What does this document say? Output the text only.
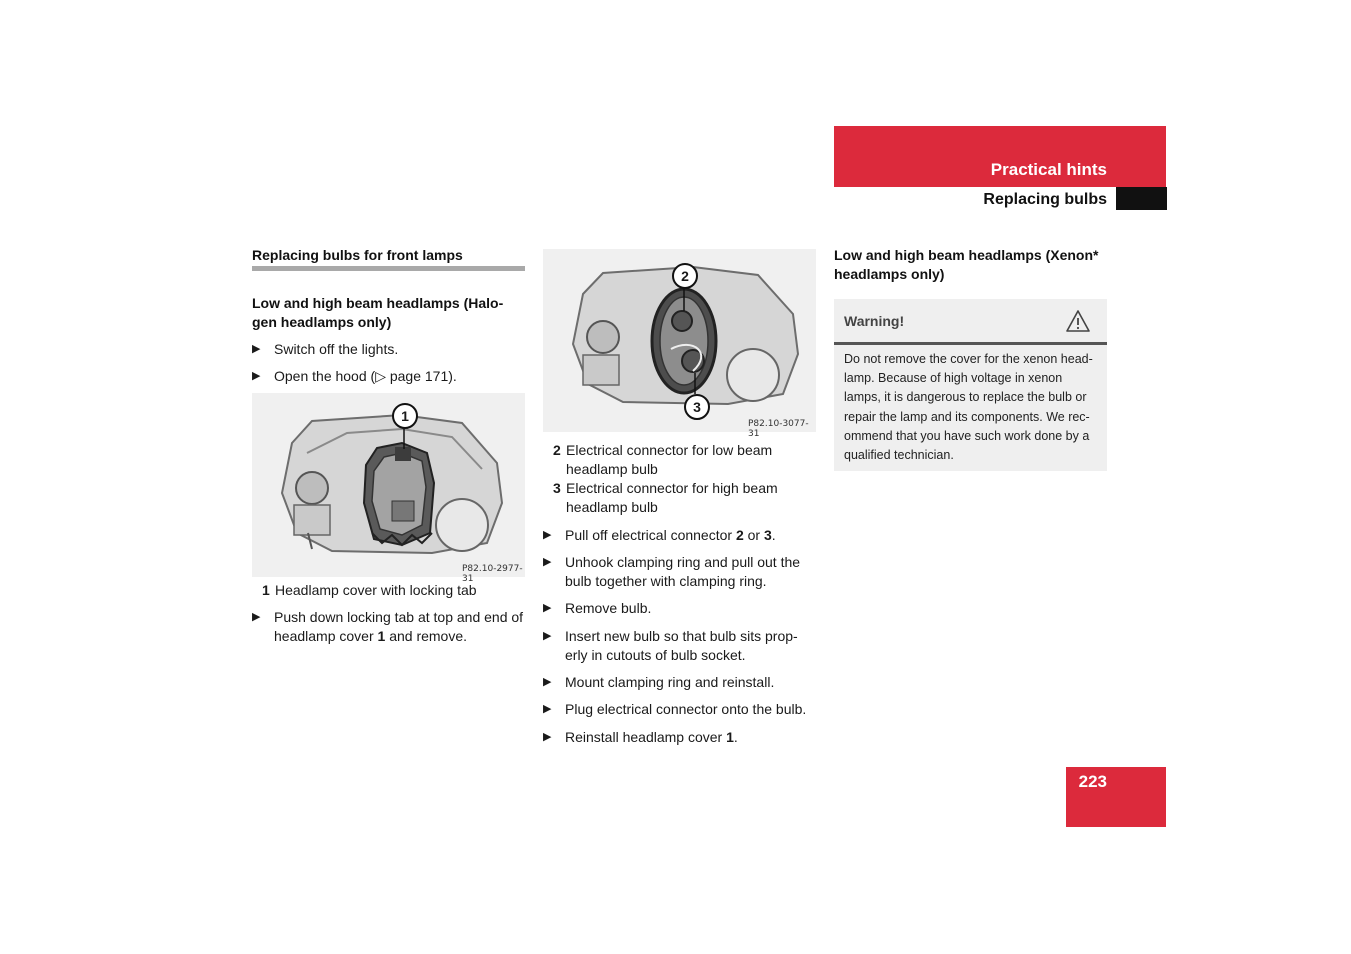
Practical hints
Replacing bulbs
Replacing bulbs for front lamps
Low and high beam headlamps (Halo-
gen headlamps only)
▶ Switch off the lights.
▶ Open the hood (▷ page 171).
1
P82.10-2977-31
1 Headlamp cover with locking tab
▶ Push down locking tab at top and end of headlamp cover 1 and remove.
2
3
P82.10-3077-31
2 Electrical connector for low beam headlamp bulb
3 Electrical connector for high beam headlamp bulb
▶ Pull off electrical connector 2 or 3.
▶ Unhook clamping ring and pull out the bulb together with clamping ring.
▶ Remove bulb.
▶ Insert new bulb so that bulb sits prop-erly in cutouts of bulb socket.
▶ Mount clamping ring and reinstall.
▶ Plug electrical connector onto the bulb.
▶ Reinstall headlamp cover 1.
Low and high beam headlamps (Xenon*
headlamps only)
Warning!
Do not remove the cover for the xenon head-lamp. Because of high voltage in xenon lamps, it is dangerous to replace the bulb or repair the lamp and its components. We rec-ommend that you have such work done by a qualified technician.
223
